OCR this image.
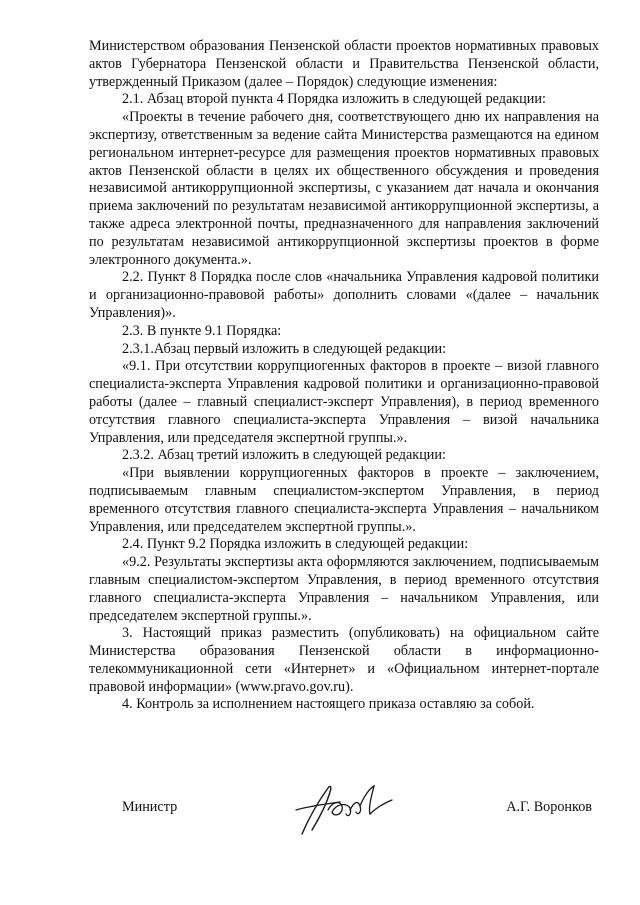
Министерством образования Пензенской области проектов нормативных правовых актов Губернатора Пензенской области и Правительства Пензенской области, утвержденный Приказом (далее – Порядок) следующие изменения:

2.1. Абзац второй пункта 4 Порядка изложить в следующей редакции:

«Проекты в течение рабочего дня, соответствующего дню их направления на экспертизу, ответственным за ведение сайта Министерства размещаются на едином региональном интернет-ресурсе для размещения проектов нормативных правовых актов Пензенской области в целях их общественного обсуждения и проведения независимой антикоррупционной экспертизы, с указанием дат начала и окончания приема заключений по результатам независимой антикоррупционной экспертизы, а также адреса электронной почты, предназначенного для направления заключений по результатам независимой антикоррупционной экспертизы проектов в форме электронного документа.».

2.2. Пункт 8 Порядка после слов «начальника Управления кадровой политики и организационно-правовой работы» дополнить словами «(далее – начальник Управления)».

2.3. В пункте 9.1 Порядка:

2.3.1.Абзац первый изложить в следующей редакции:

«9.1. При отсутствии коррупциогенных факторов в проекте – визой главного специалиста-эксперта Управления кадровой политики и организационно-правовой работы (далее – главный специалист-эксперт Управления), в период временного отсутствия главного специалиста-эксперта Управления – визой начальника Управления, или председателя экспертной группы.».

2.3.2. Абзац третий изложить в следующей редакции:

«При выявлении коррупциогенных факторов в проекте – заключением, подписываемым главным специалистом-экспертом Управления, в период временного отсутствия главного специалиста-эксперта Управления – начальником Управления, или председателем экспертной группы.».

2.4. Пункт 9.2 Порядка изложить в следующей редакции:

«9.2. Результаты экспертизы акта оформляются заключением, подписываемым главным специалистом-экспертом Управления, в период временного отсутствия главного специалиста-эксперта Управления – начальником Управления, или председателем экспертной группы.».

3. Настоящий приказ разместить (опубликовать) на официальном сайте Министерства образования Пензенской области в информационно-телекоммуникационной сети «Интернет» и «Официальном интернет-портале правовой информации» (www.pravo.gov.ru).

4. Контроль за исполнением настоящего приказа оставляю за собой.

Министр	А.Г. Воронков
